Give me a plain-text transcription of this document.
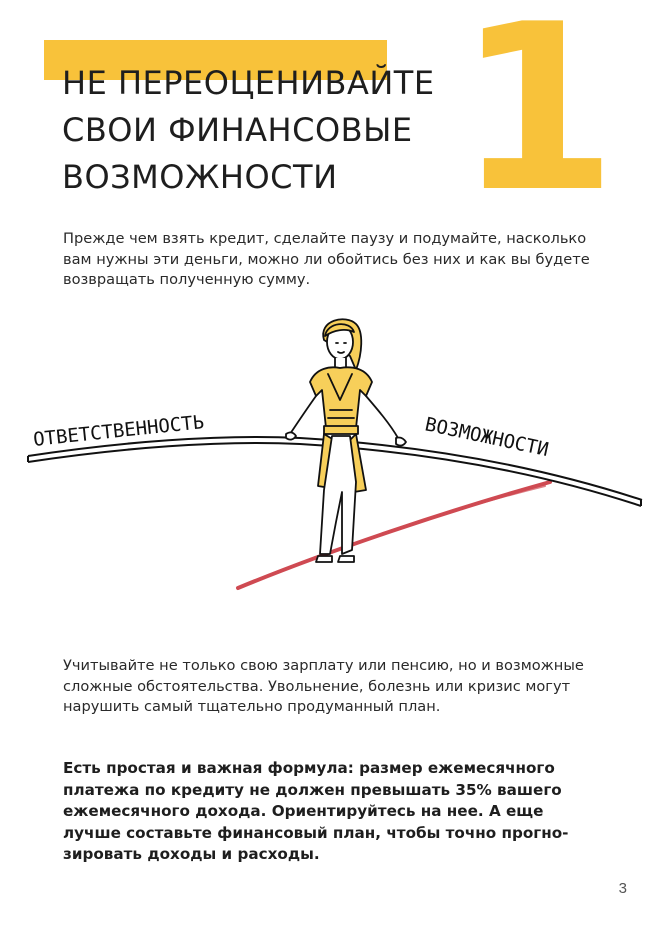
1
НЕ ПЕРЕОЦЕНИВАЙТЕ
СВОИ ФИНАНСОВЫЕ
ВОЗМОЖНОСТИ

Прежде чем взять кредит, сделайте паузу и подумайте, насколько
вам нужны эти деньги, можно ли обойтись без них и как вы будете
возвращать полученную сумму.

ОТВЕТСТВЕННОСТЬ	ВОЗМОЖНОСТИ

Учитывайте не только свою зарплату или пенсию, но и возможные
сложные обстоятельства. Увольнение, болезнь или кризис могут
нарушить самый тщательно продуманный план.

Есть простая и важная формула: размер ежемесячного
платежа по кредиту не должен превышать 35% вашего
ежемесячного дохода. Ориентируйтесь на нее. А еще
лучше составьте финансовый план, чтобы точно прогно-
зировать доходы и расходы.

3
